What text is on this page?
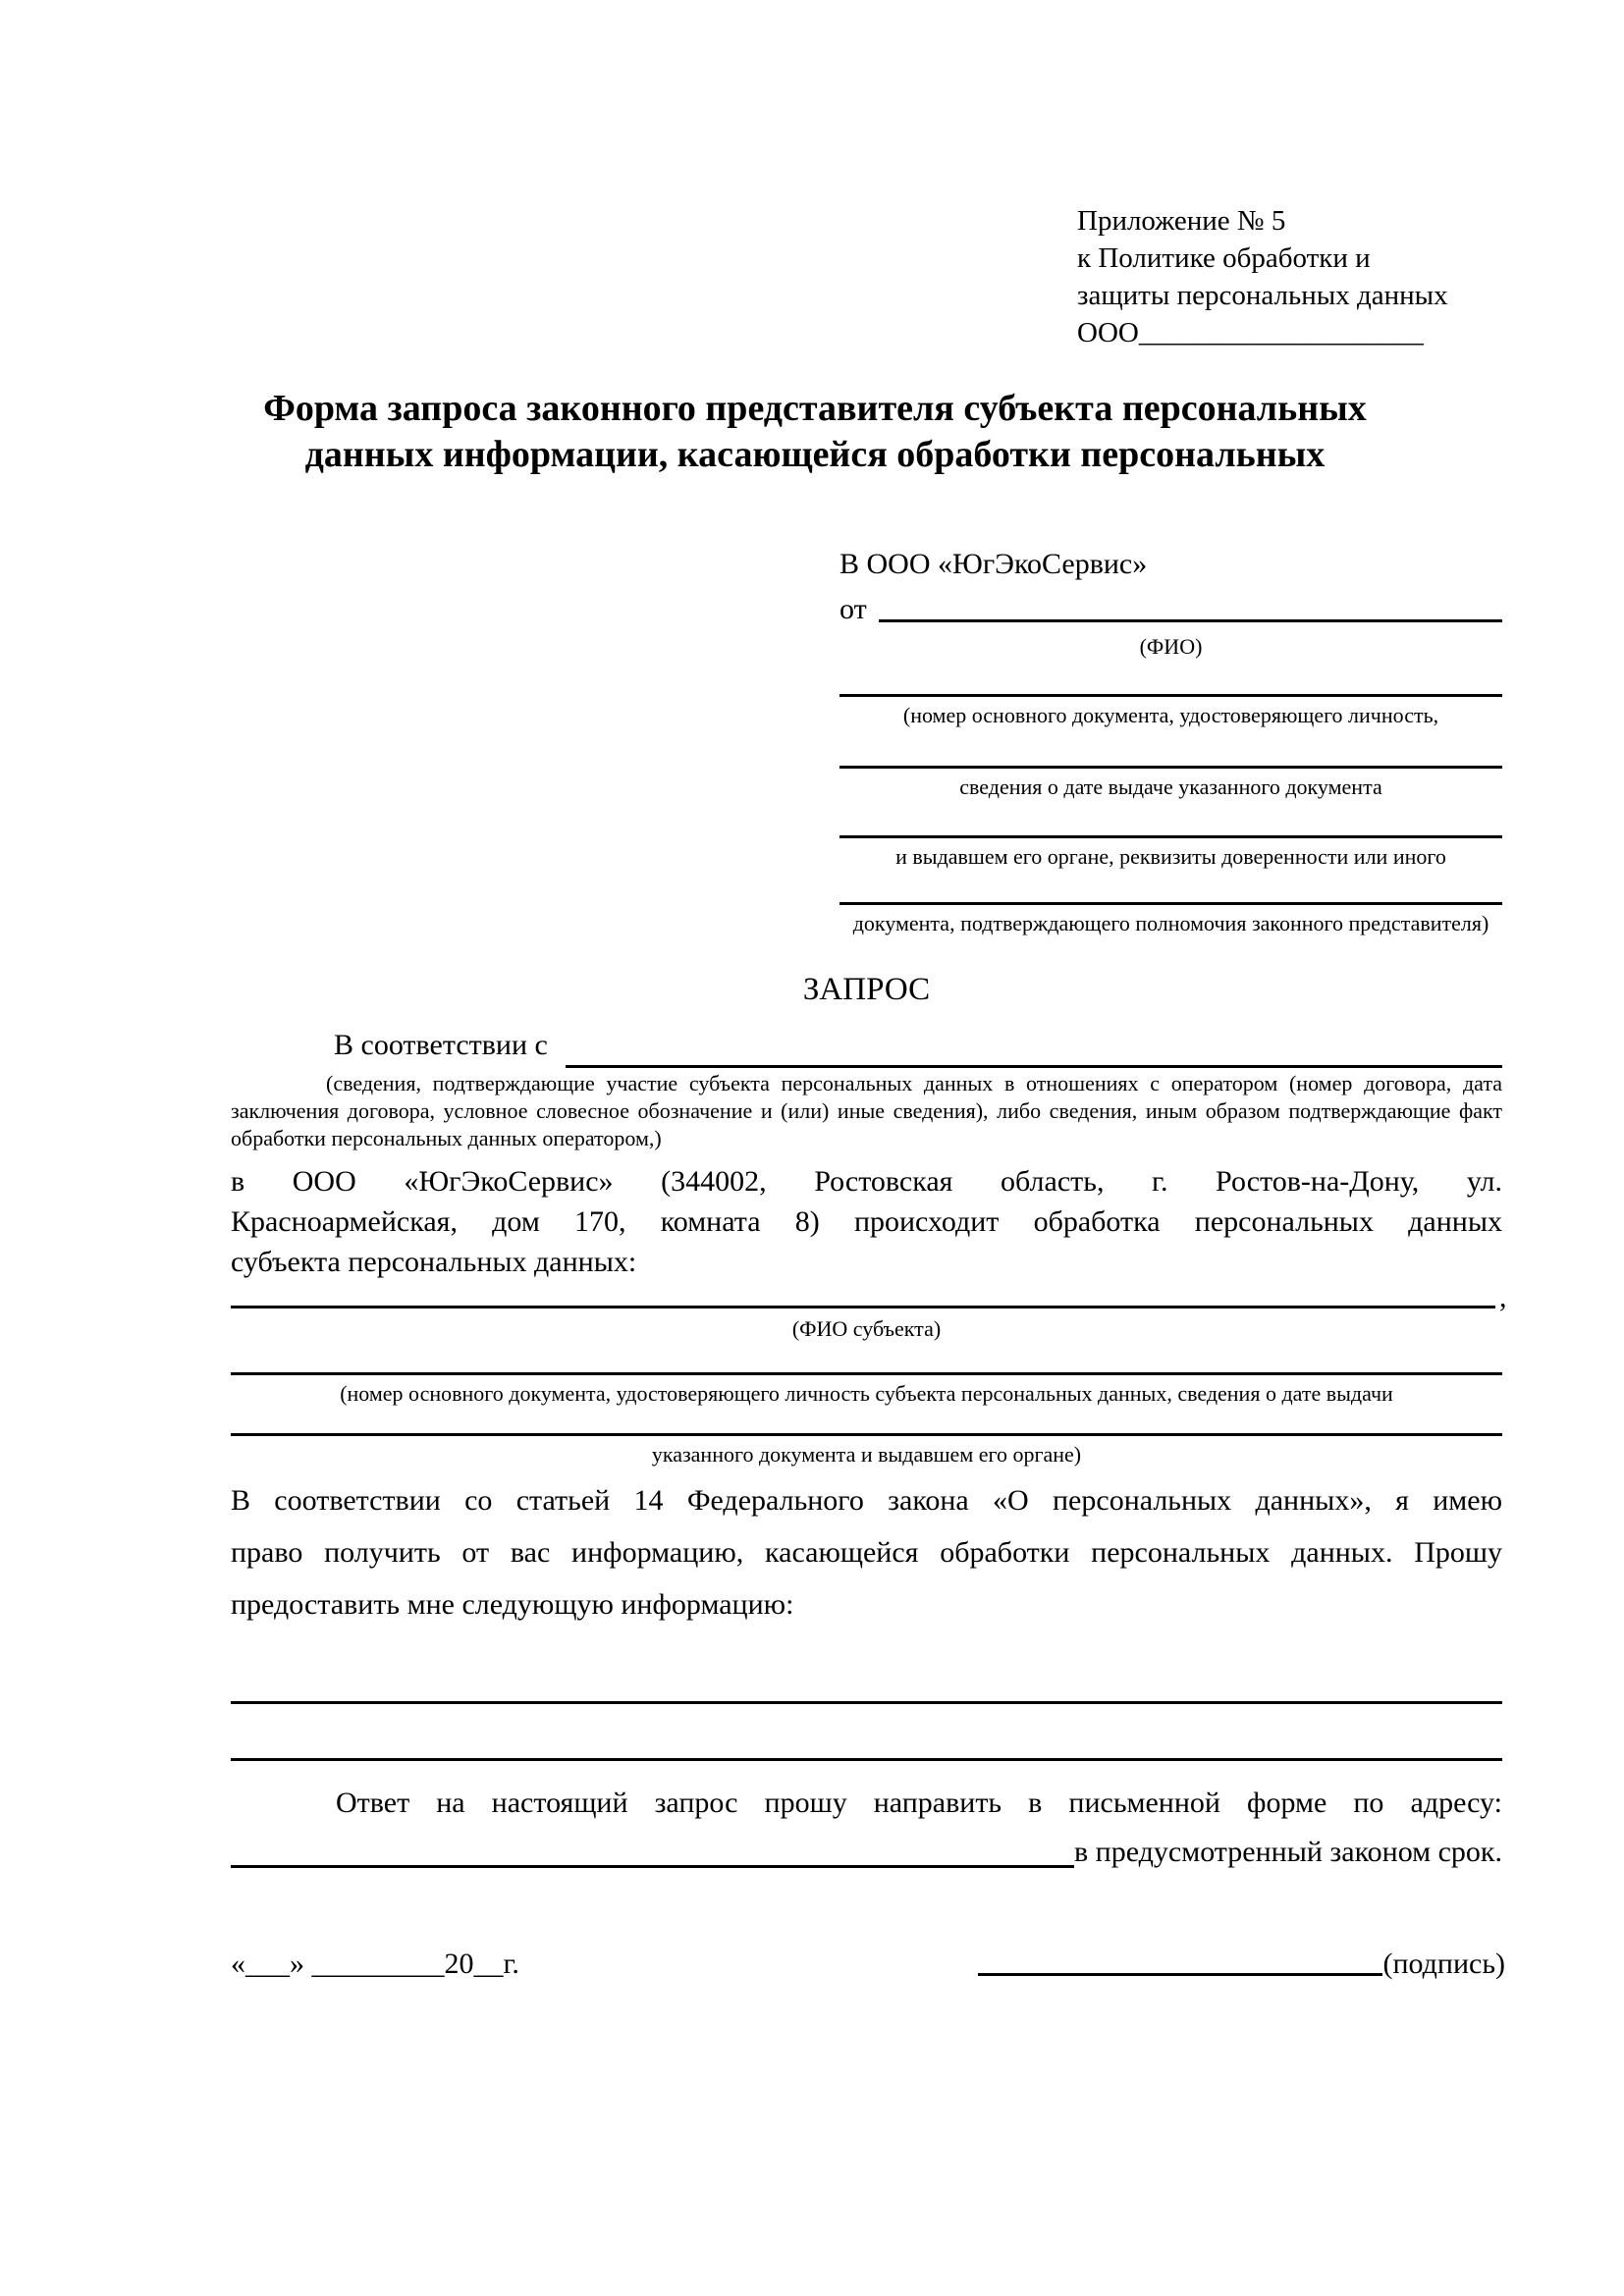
Приложение № 5
к Политике обработки и
защиты персональных данных
ООО____________________
Форма запроса законного представителя субъекта персональных
данных информации, касающейся обработки персональных
В ООО «ЮгЭкоСервис»
от
(ФИО)
(номер основного документа, удостоверяющего личность,
сведения о дате выдаче указанного документа
и выдавшем его органе, реквизиты доверенности или иного
документа, подтверждающего полномочия законного представителя)
ЗАПРОС
В соответствии с
(сведения, подтверждающие участие субъекта персональных данных в отношениях с оператором (номер договора, дата
заключения договора, условное словесное обозначение и (или) иные сведения), либо сведения, иным образом подтверждающие факт
обработки персональных данных оператором,)
в ООО «ЮгЭкоСервис» (344002, Ростовская область, г. Ростов-на-Дону, ул.
Красноармейская, дом 170, комната 8) происходит обработка персональных данных
субъекта персональных данных:
,
(ФИО субъекта)
(номер основного документа, удостоверяющего личность субъекта персональных данных, сведения о дате выдачи
указанного документа и выдавшем его органе)
В соответствии со статьей 14 Федерального закона «О персональных данных», я имею
право получить от вас информацию, касающейся обработки персональных данных. Прошу
предоставить мне следующую информацию:
Ответ на настоящий запрос прошу направить в письменной форме по адресу:
в предусмотренный законом срок.
«___» _________20__г.	(подпись)
